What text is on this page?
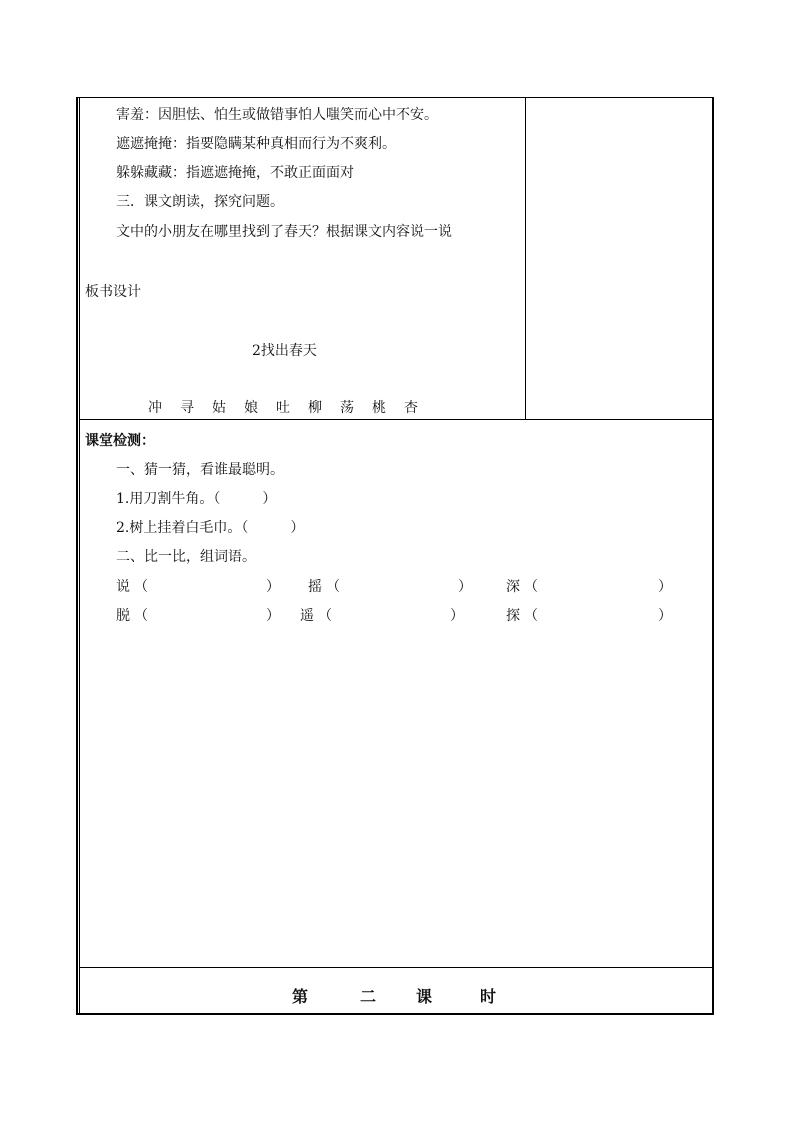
害羞：因胆怯、怕生或做错事怕人嗤笑而心中不安。
遮遮掩掩：指要隐瞒某种真相而行为不爽利。
躲躲藏藏：指遮遮掩掩，不敢正面面对
三．课文朗读，探究问题。
文中的小朋友在哪里找到了春天？根据课文内容说一说
板书设计
2找出春天
冲 寻 姑 娘 吐 柳 荡 桃 杏
课堂检测：
一、猜一猜，看谁最聪明。
1.用刀割牛角。（　　　）
2.树上挂着白毛巾。（　　　）
二、比一比，组词语。
说 （	） 摇 （	） 深 （	）
脱 （	） 遥 （	）	探 （	）
第	二 课	时
